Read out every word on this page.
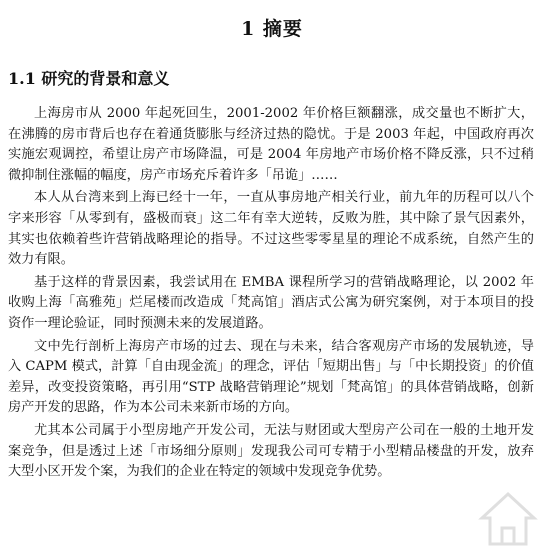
1 摘要
1.1 研究的背景和意义

上海房市从 2000 年起死回生，2001-2002 年价格巨额翻涨，成交量也不断扩大，在沸腾的房市背后也存在着通货膨胀与经济过热的隐忧。于是 2003 年起，中国政府再次实施宏观调控，希望让房产市场降温，可是 2004 年房地产市场价格不降反涨，只不过稍微抑制住涨幅的幅度，房产市场充斥着许多「吊诡」……

本人从台湾来到上海已经十一年，一直从事房地产相关行业，前九年的历程可以八个字来形容「从零到有，盛极而衰」这二年有幸大逆转，反败为胜，其中除了景气因素外，其实也依赖着些许营销战略理论的指导。不过这些零零星星的理论不成系统，自然产生的效力有限。

基于这样的背景因素，我尝试用在 EMBA 课程所学习的营销战略理论，以 2002 年收购上海「高雅苑」烂尾楼而改造成「梵高馆」酒店式公寓为研究案例，对于本项目的投资作一理论验证，同时预测未来的发展道路。

文中先行剖析上海房产市场的过去、现在与未来，结合客观房产市场的发展轨迹，导入 CAPM 模式，計算「自由现金流」的理念，评估「短期出售」与「中长期投资」的价值差异，改变投资策略，再引用“STP 战略营销理论”规划「梵高馆」的具体营销战略，创新房产开发的思路，作为本公司未来新市场的方向。

尤其本公司属于小型房地产开发公司，无法与财团或大型房产公司在一般的土地开发案竞争，但是透过上述「市场细分原则」发现我公司可专精于小型精品楼盘的开发，放弃大型小区开发个案，为我们的企业在特定的领域中发现竞争优势。
